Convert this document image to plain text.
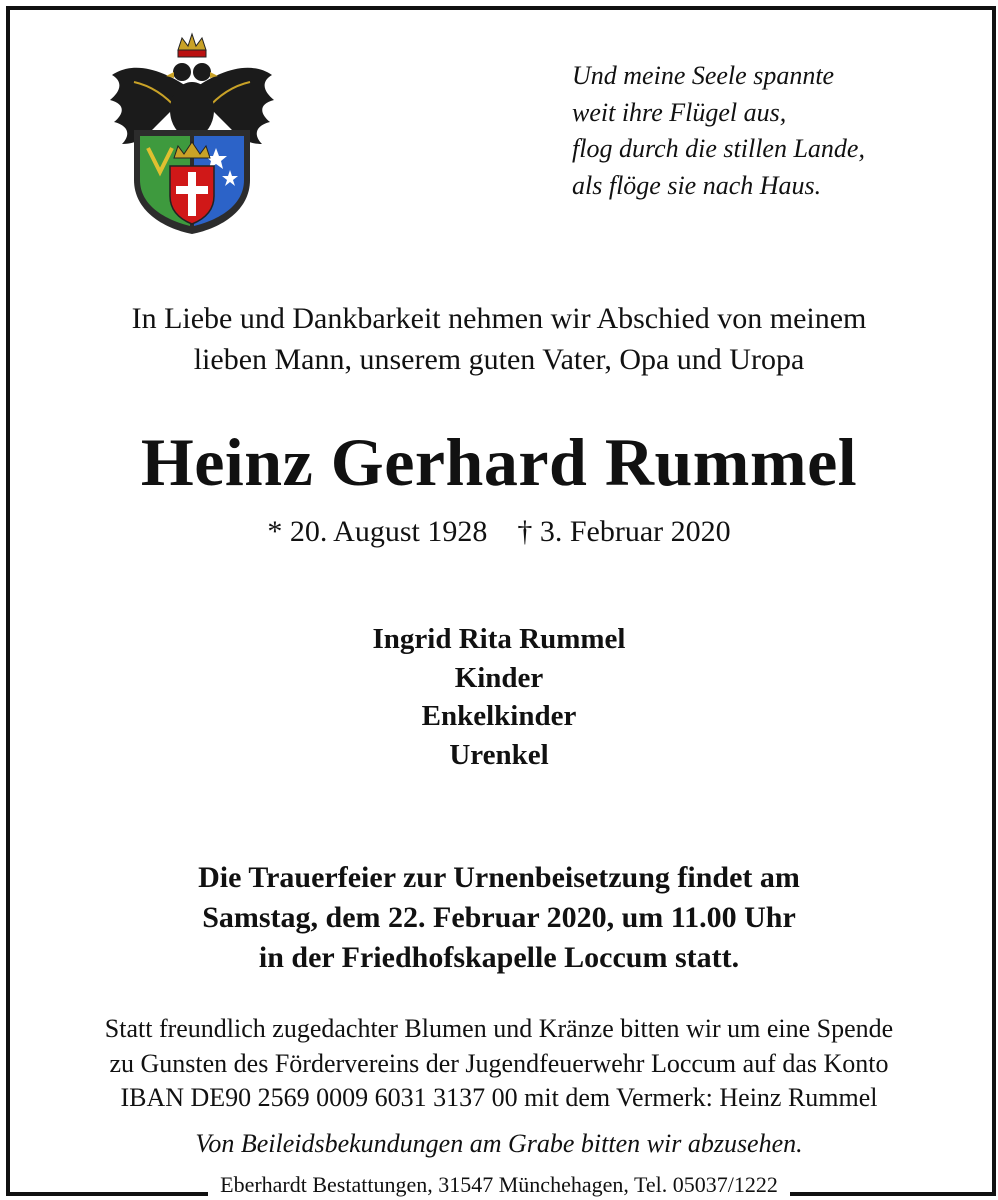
Und meine Seele spannte
weit ihre Flügel aus,
flog durch die stillen Lande,
als flöge sie nach Haus.
In Liebe und Dankbarkeit nehmen wir Abschied von meinem
lieben Mann, unserem guten Vater, Opa und Uropa
Heinz Gerhard Rummel
* 20. August 1928 † 3. Februar 2020
Ingrid Rita Rummel
Kinder
Enkelkinder
Urenkel
Die Trauerfeier zur Urnenbeisetzung findet am
Samstag, dem 22. Februar 2020, um 11.00 Uhr
in der Friedhofskapelle Loccum statt.
Statt freundlich zugedachter Blumen und Kränze bitten wir um eine Spende
zu Gunsten des Fördervereins der Jugendfeuerwehr Loccum auf das Konto
IBAN DE90 2569 0009 6031 3137 00 mit dem Vermerk: Heinz Rummel
Von Beileidsbekundungen am Grabe bitten wir abzusehen.
Eberhardt Bestattungen, 31547 Münchehagen, Tel. 05037/1222
